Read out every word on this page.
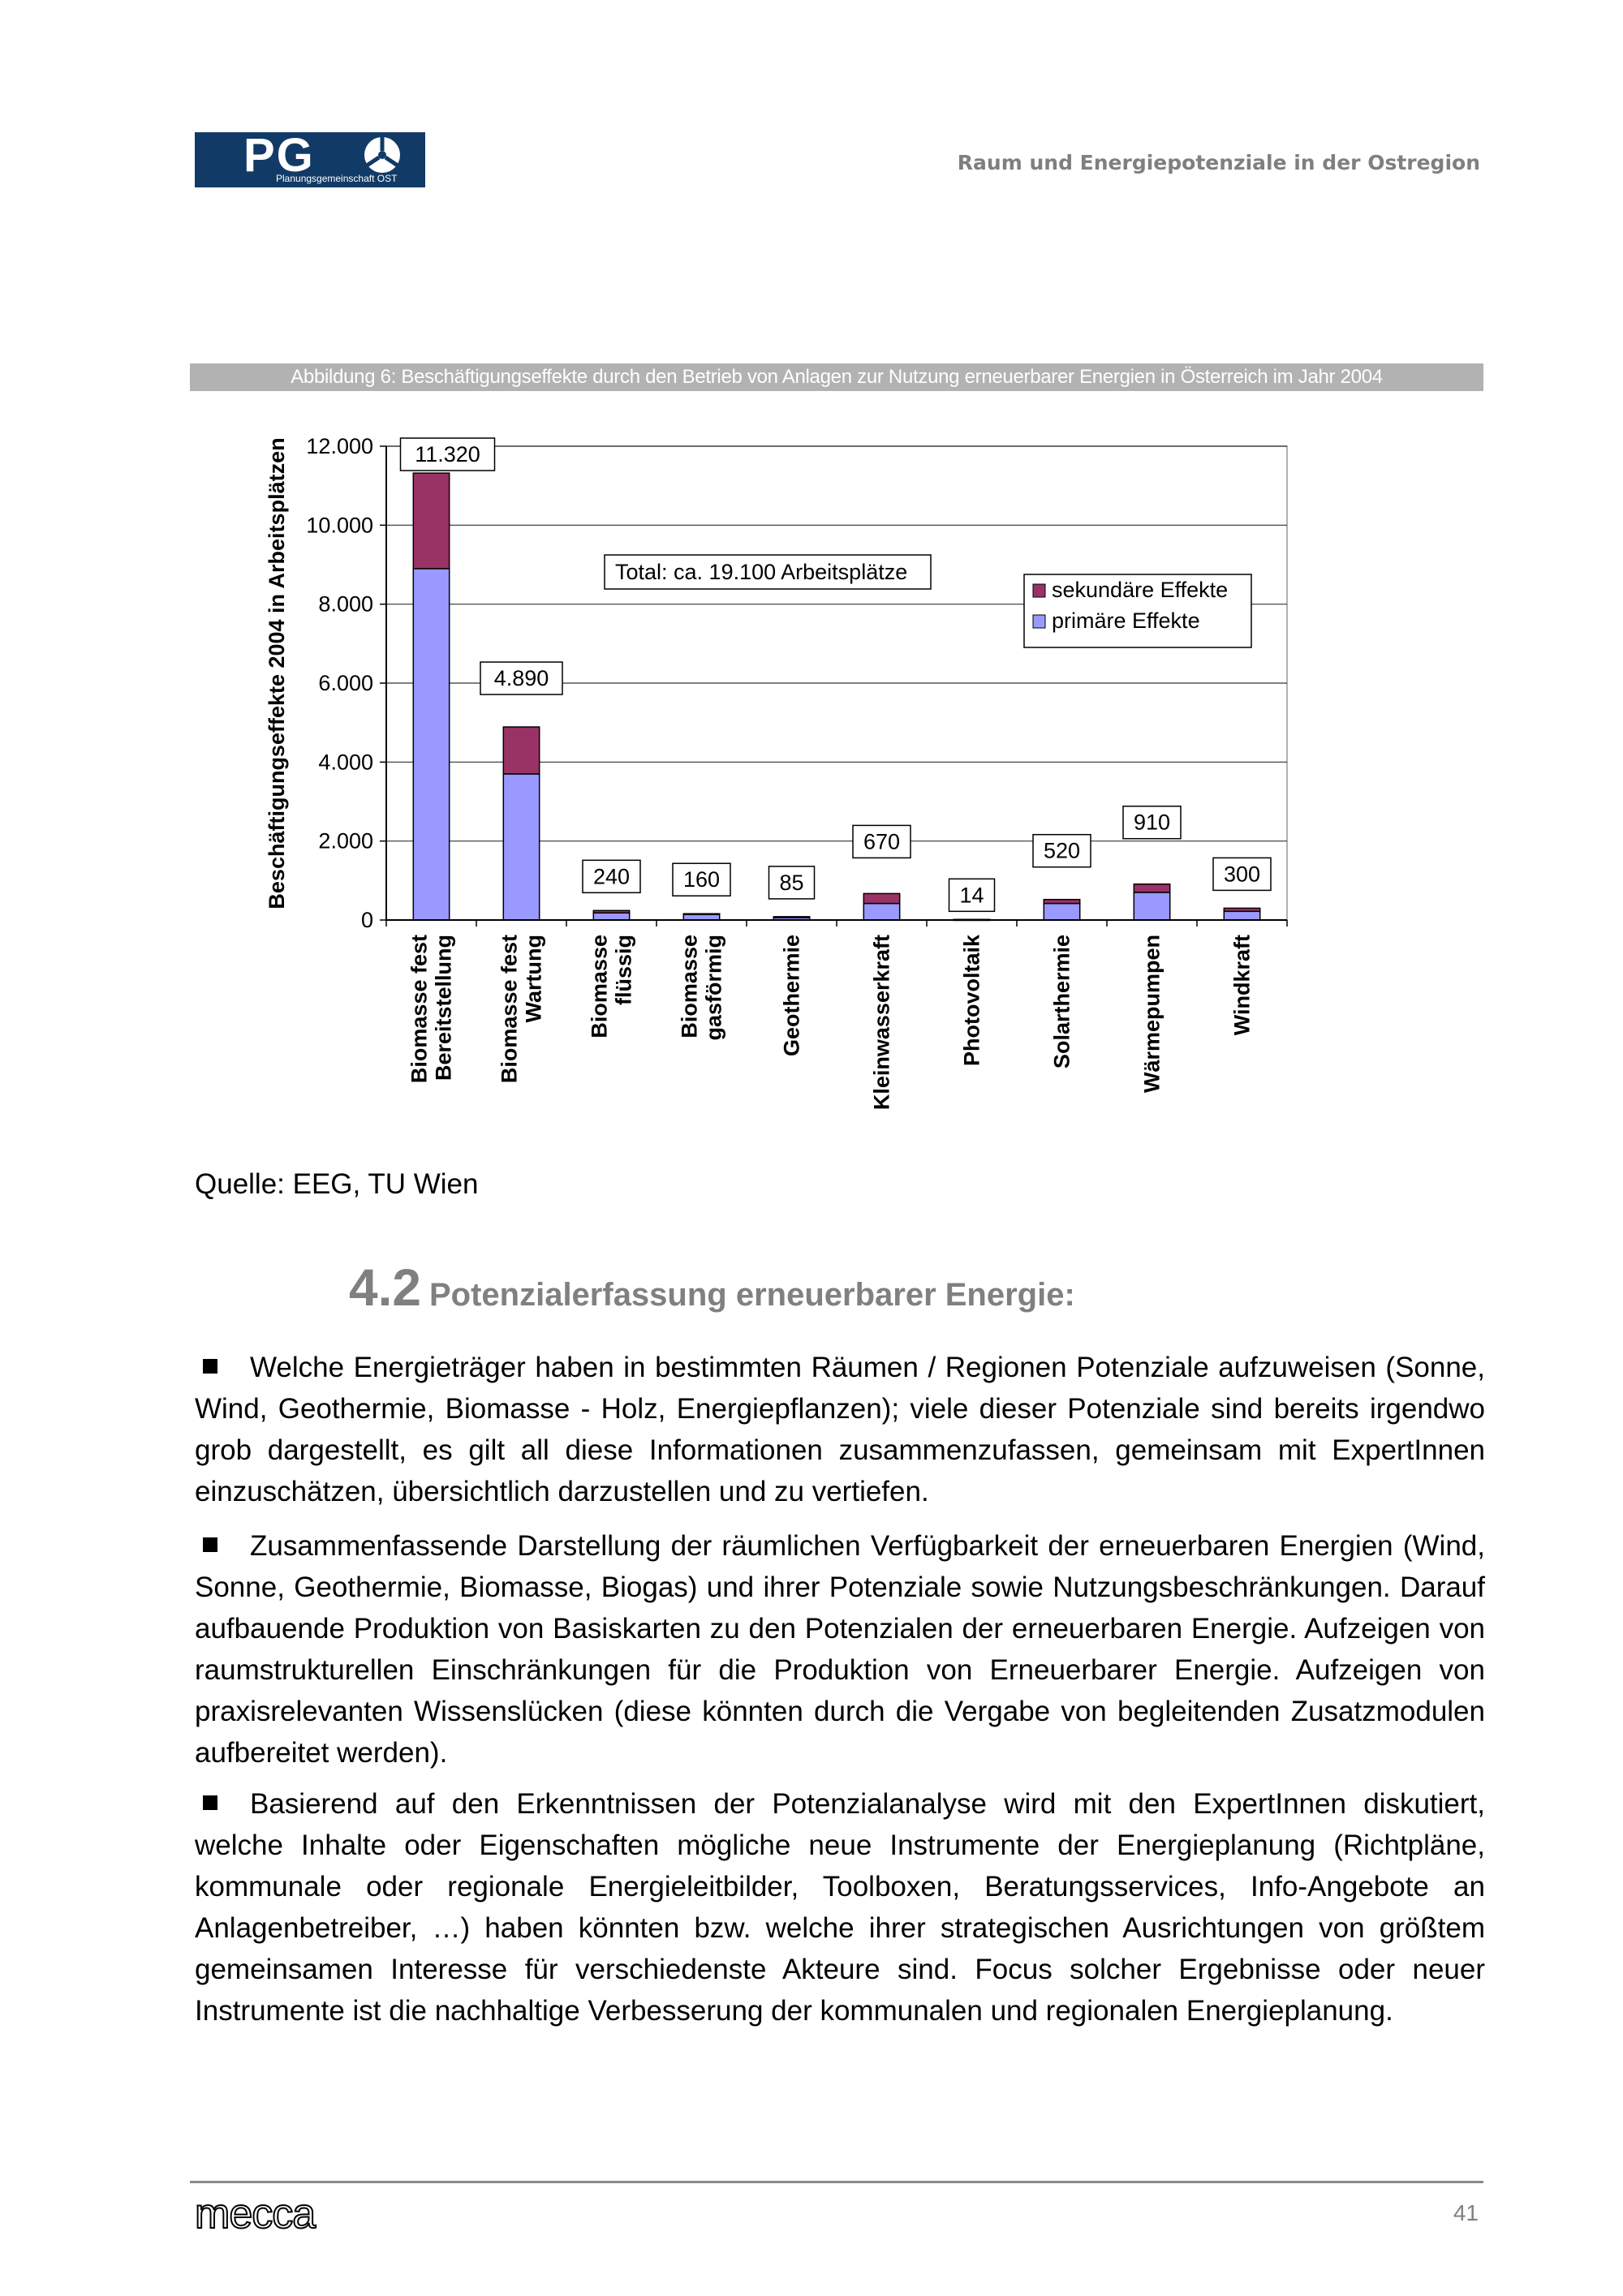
PG
Planungsgemeinschaft OST
Raum und Energiepotenziale in der Ostregion
Abbildung 6: Beschäftigungseffekte durch den Betrieb von Anlagen zur Nutzung erneuerbarer Energien in Österreich im Jahr 2004
0
2.000
4.000
6.000
8.000
10.000
12.000
Biomasse fest Bereitstellung Biomasse fest Wartung Biomasse flüssig Biomasse gasförmig Geothermie	Kleinwasserkraft	Photovoltaik	Solarthermie	Wärmepumpen	Windkraft
11.320
4.890
240 160	85
670
14
520
910
300
Beschäftigungseffekte 2004 in Arbeitsplätzen	Total: ca. 19.100 Arbeitsplätze
sekundäre Effekte
primäre Effekte
Quelle: EEG, TU Wien
4.2 Potenzialerfassung erneuerbarer Energie:
Welche Energieträger haben in bestimmten Räumen / Regionen Potenziale aufzuweisen (Sonne, Wind, Geothermie, Biomasse - Holz, Energiepflanzen); viele dieser Potenziale sind bereits irgendwo grob dargestellt, es gilt all diese Informationen zusammenzufassen, gemeinsam mit ExpertInnen einzuschätzen, übersichtlich darzustellen und zu vertiefen.
Zusammenfassende Darstellung der räumlichen Verfügbarkeit der erneuerbaren Energien (Wind, Sonne, Geothermie, Biomasse, Biogas) und ihrer Potenziale sowie Nutzungsbeschränkungen. Darauf aufbauende Produktion von Basiskarten zu den Potenzialen der erneuerbaren Energie. Aufzeigen von raumstrukturellen Einschränkungen für die Produktion von Erneuerbarer Energie. Aufzeigen von praxisrelevanten Wissenslücken (diese könnten durch die Vergabe von begleitenden Zusatzmodulen aufbereitet werden).
Basierend auf den Erkenntnissen der Potenzialanalyse wird mit den ExpertInnen diskutiert, welche Inhalte oder Eigenschaften mögliche neue Instrumente der Energieplanung (Richtpläne, kommunale oder regionale Energieleitbilder, Toolboxen, Beratungsservices, Info-Angebote an Anlagenbetreiber, …) haben könnten bzw. welche ihrer strategischen Ausrichtungen von größtem gemeinsamen Interesse für verschiedenste Akteure sind. Focus solcher Ergebnisse oder neuer Instrumente ist die nachhaltige Verbesserung der kommunalen und regionalen Energieplanung.
mecca	41
